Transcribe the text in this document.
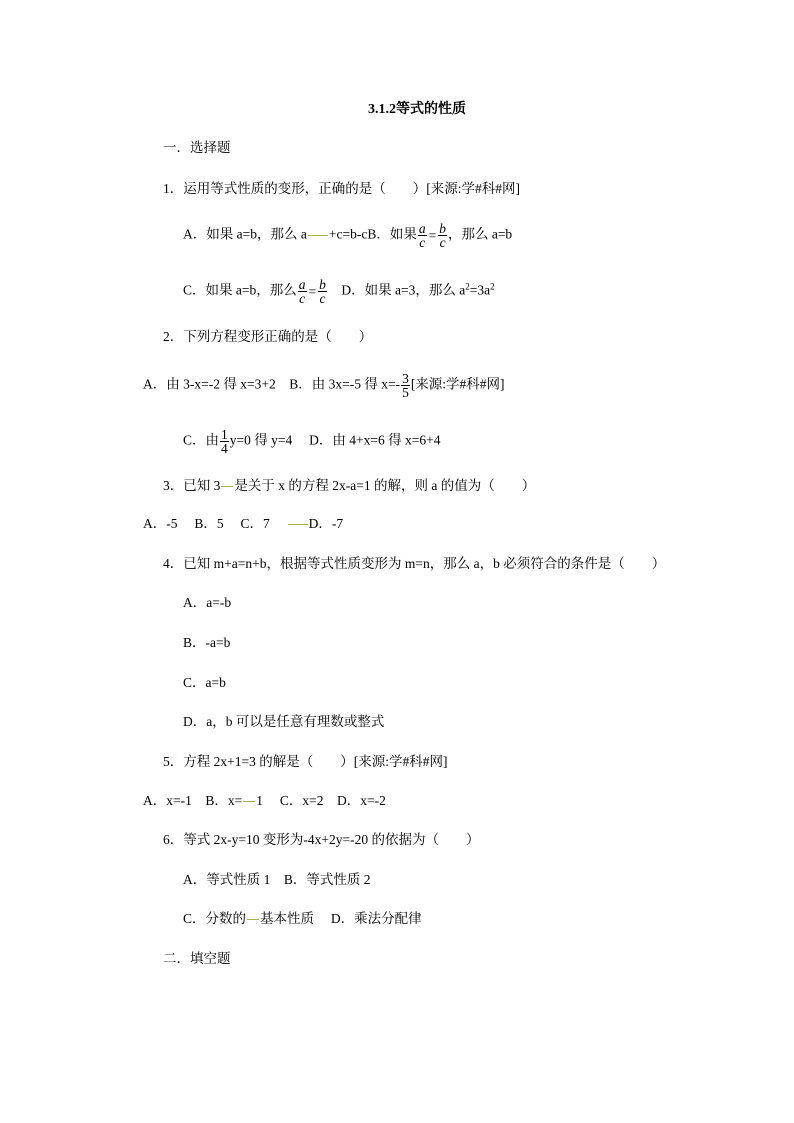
3.1.2等式的性质
一．选择题
1．运用等式性质的变形，正确的是（　　）[来源:学#科#网]
A．如果 a=b，那么 a +c=b-cB．如果 $\frac{a}{c} = \frac{b}{c}$ ，那么 a=b
C．如果 a=b，那么 $\frac{a}{c} = \frac{b}{c}$ 　D．如果 a=3，那么 $a^2=3a^2$
2．下列方程变形正确的是（　　）
A．由 3-x=-2 得 x=3+2　B．由 3x=-5 得 $x=- \frac{3}{5}$ [来源:学#科#网]
C．由 $\frac{1}{4} y=0$ 得 y=4　 D．由 4+x=6 得 x=6+4
3．已知 3 是关于 x 的方程 2x-a=1 的解，则 a 的值为（　　）
A．-5　 B．5　 C．7　 D．-7
4．已知 m+a=n+b，根据等式性质变形为 m=n，那么 a，b 必须符合的条件是（　　）
A．a=-b
B．-a=b
C．a=b
D．a，b 可以是任意有理数或整式
5．方程 2x+1=3 的解是（　　）[来源:学#科#网]
A．x=-1　B．x= 1　 C．x=2　D．x=-2
6．等式 2x-y=10 变形为-4x+2y=-20 的依据为（　　）
A．等式性质 1　B．等式性质 2
C．分数的 基本性质　 D．乘法分配律
二．填空题
